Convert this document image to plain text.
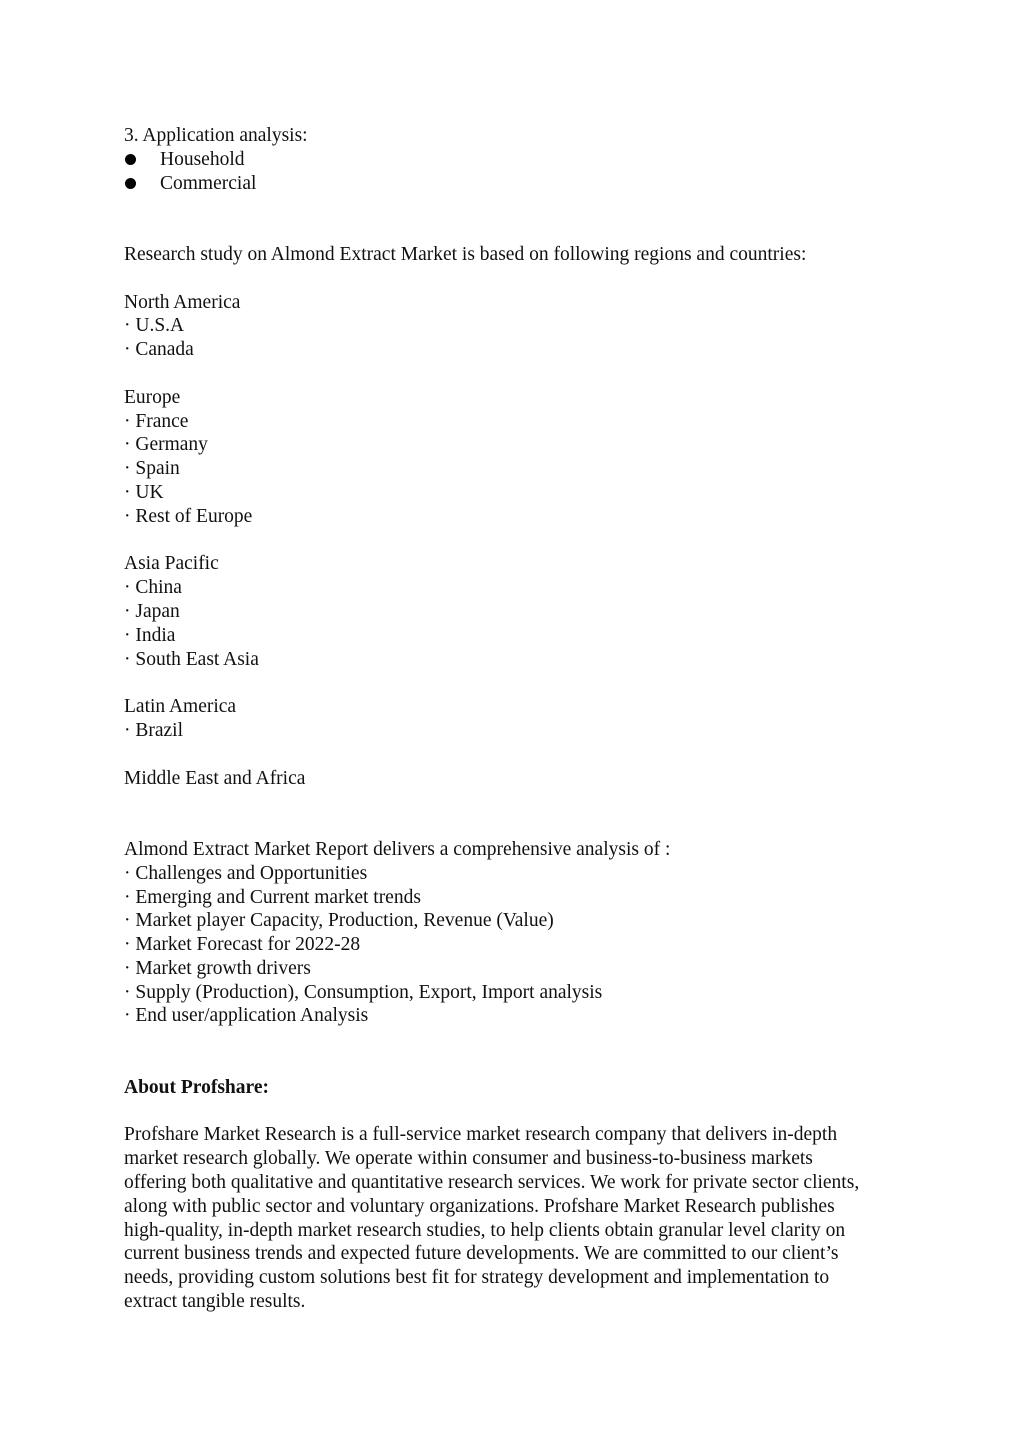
3. Application analysis:
Household
Commercial
Research study on Almond Extract Market is based on following regions and countries:
North America
· U.S.A
· Canada
Europe
· France
· Germany
· Spain
· UK
· Rest of Europe
Asia Pacific
· China
· Japan
· India
· South East Asia
Latin America
· Brazil
Middle East and Africa
Almond Extract Market Report delivers a comprehensive analysis of :
· Challenges and Opportunities
· Emerging and Current market trends
· Market player Capacity, Production, Revenue (Value)
· Market Forecast for 2022-28
· Market growth drivers
· Supply (Production), Consumption, Export, Import analysis
· End user/application Analysis
About Profshare:
Profshare Market Research is a full-service market research company that delivers in-depth
market research globally. We operate within consumer and business-to-business markets
offering both qualitative and quantitative research services. We work for private sector clients,
along with public sector and voluntary organizations. Profshare Market Research publishes
high-quality, in-depth market research studies, to help clients obtain granular level clarity on
current business trends and expected future developments. We are committed to our client’s
needs, providing custom solutions best fit for strategy development and implementation to
extract tangible results.
